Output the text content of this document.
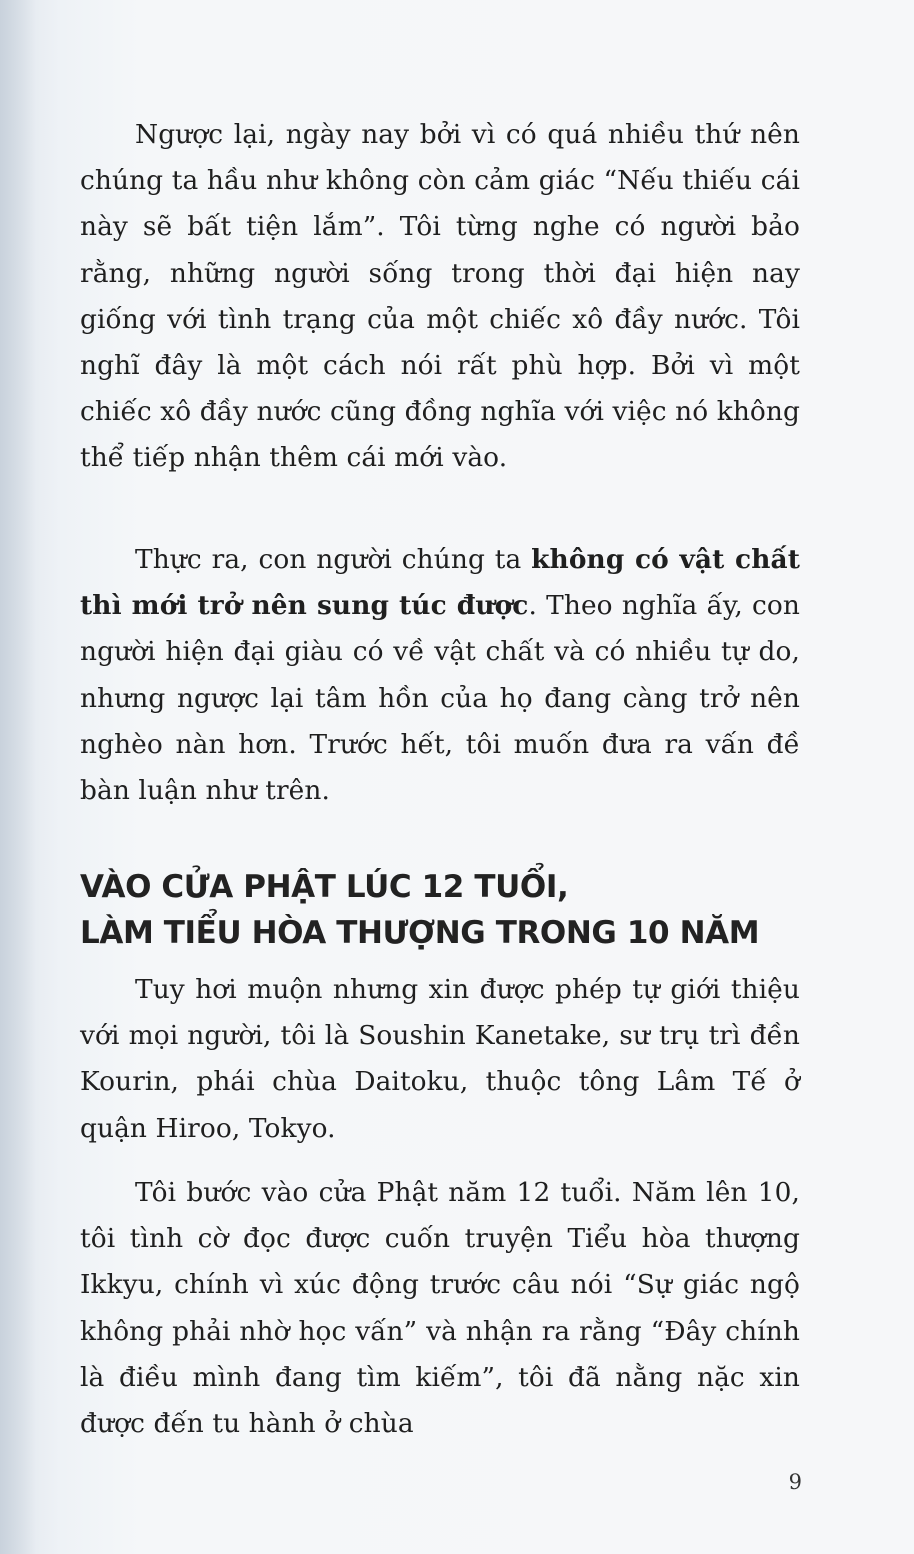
Ngược lại, ngày nay bởi vì có quá nhiều thứ nên chúng ta hầu như không còn cảm giác “Nếu thiếu cái này sẽ bất tiện lắm”. Tôi từng nghe có người bảo rằng, những người sống trong thời đại hiện nay giống với tình trạng của một chiếc xô đầy nước. Tôi nghĩ đây là một cách nói rất phù hợp. Bởi vì một chiếc xô đầy nước cũng đồng nghĩa với việc nó không thể tiếp nhận thêm cái mới vào.

Thực ra, con người chúng ta không có vật chất thì mới trở nên sung túc được. Theo nghĩa ấy, con người hiện đại giàu có về vật chất và có nhiều tự do, nhưng ngược lại tâm hồn của họ đang càng trở nên nghèo nàn hơn. Trước hết, tôi muốn đưa ra vấn đề bàn luận như trên.

VÀO CỬA PHẬT LÚC 12 TUỔI,
LÀM TIỂU HÒA THƯỢNG TRONG 10 NĂM

Tuy hơi muộn nhưng xin được phép tự giới thiệu với mọi người, tôi là Soushin Kanetake, sư trụ trì đền Kourin, phái chùa Daitoku, thuộc tông Lâm Tế ở quận Hiroo, Tokyo.

Tôi bước vào cửa Phật năm 12 tuổi. Năm lên 10, tôi tình cờ đọc được cuốn truyện Tiểu hòa thượng Ikkyu, chính vì xúc động trước câu nói “Sự giác ngộ không phải nhờ học vấn” và nhận ra rằng “Đây chính là điều mình đang tìm kiếm”, tôi đã nằng nặc xin được đến tu hành ở chùa

9
